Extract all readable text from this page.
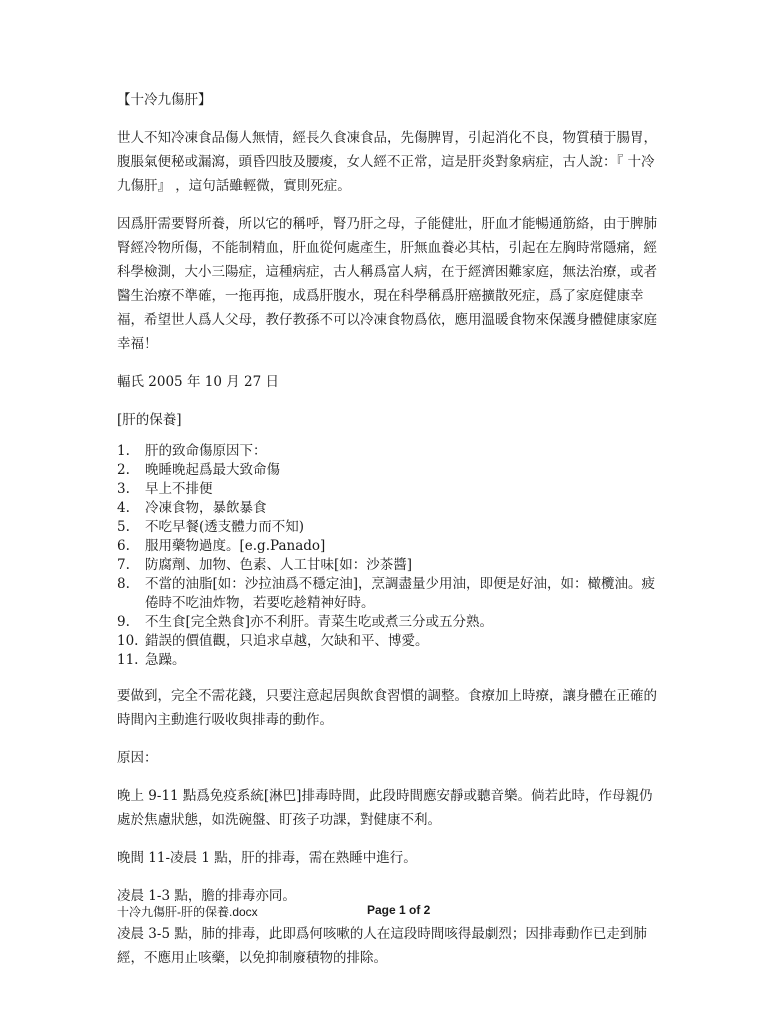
【十冷九傷肝】

世人不知冷凍食品傷人無情，經長久食凍食品，先傷脾胃，引起消化不良，物質積于腸胃，腹脹氣便秘或漏瀉，頭昏四肢及腰痠，女人經不正常，這是肝炎對象病症，古人說：『 十冷九傷肝』 ，這句話雖輕微，實則死症。

因爲肝需要腎所養，所以它的稱呼，腎乃肝之母，子能健壯，肝血才能暢通筋絡，由于脾肺腎經冷物所傷，不能制精血，肝血從何處產生，肝無血養必其枯，引起在左胸時常隱痛，經科學檢測，大小三陽症，這種病症，古人稱爲富人病，在于經濟困難家庭，無法治療，或者醫生治療不準確，一拖再拖，成爲肝腹水，現在科學稱爲肝癌擴散死症，爲了家庭健康幸福，希望世人爲人父母，教仔教孫不可以冷凍食物爲依，應用溫暖食物來保護身體健康家庭幸福！

輻氏 2005 年 10 月 27 日

[肝的保養]

1.	肝的致命傷原因下：
2.	晚睡晚起爲最大致命傷
3.	早上不排便
4.	冷凍食物，暴飲暴食
5.	不吃早餐(透支體力而不知)
6.	服用藥物過度。[e.g.Panado]
7.	防腐劑、加物、色素、人工甘味[如：沙茶醬]
8.	不當的油脂[如：沙拉油爲不穩定油]，烹調盡量少用油，即便是好油，如：橄欖油。疲倦時不吃油炸物，若要吃趁精神好時。
9.	不生食[完全熟食]亦不利肝。青菜生吃或煮三分或五分熟。
10. 錯誤的價值觀，只追求卓越，欠缺和平、博愛。
11. 急躁。

要做到，完全不需花錢，只要注意起居與飲食習慣的調整。食療加上時療，讓身體在正確的時間內主動進行吸收與排毒的動作。

原因：

晚上 9-11 點爲免疫系統[淋巴]排毒時間，此段時間應安靜或聽音樂。倘若此時，作母親仍處於焦慮狀態，如洗碗盤、盯孩子功課，對健康不利。

晚間 11-凌晨 1 點，肝的排毒，需在熟睡中進行。

凌晨 1-3 點，膽的排毒亦同。

凌晨 3-5 點，肺的排毒，此即爲何咳嗽的人在這段時間咳得最劇烈；因排毒動作已走到肺經，不應用止咳藥，以免抑制廢積物的排除。

十冷九傷肝-肝的保養.docx	Page 1 of 2
